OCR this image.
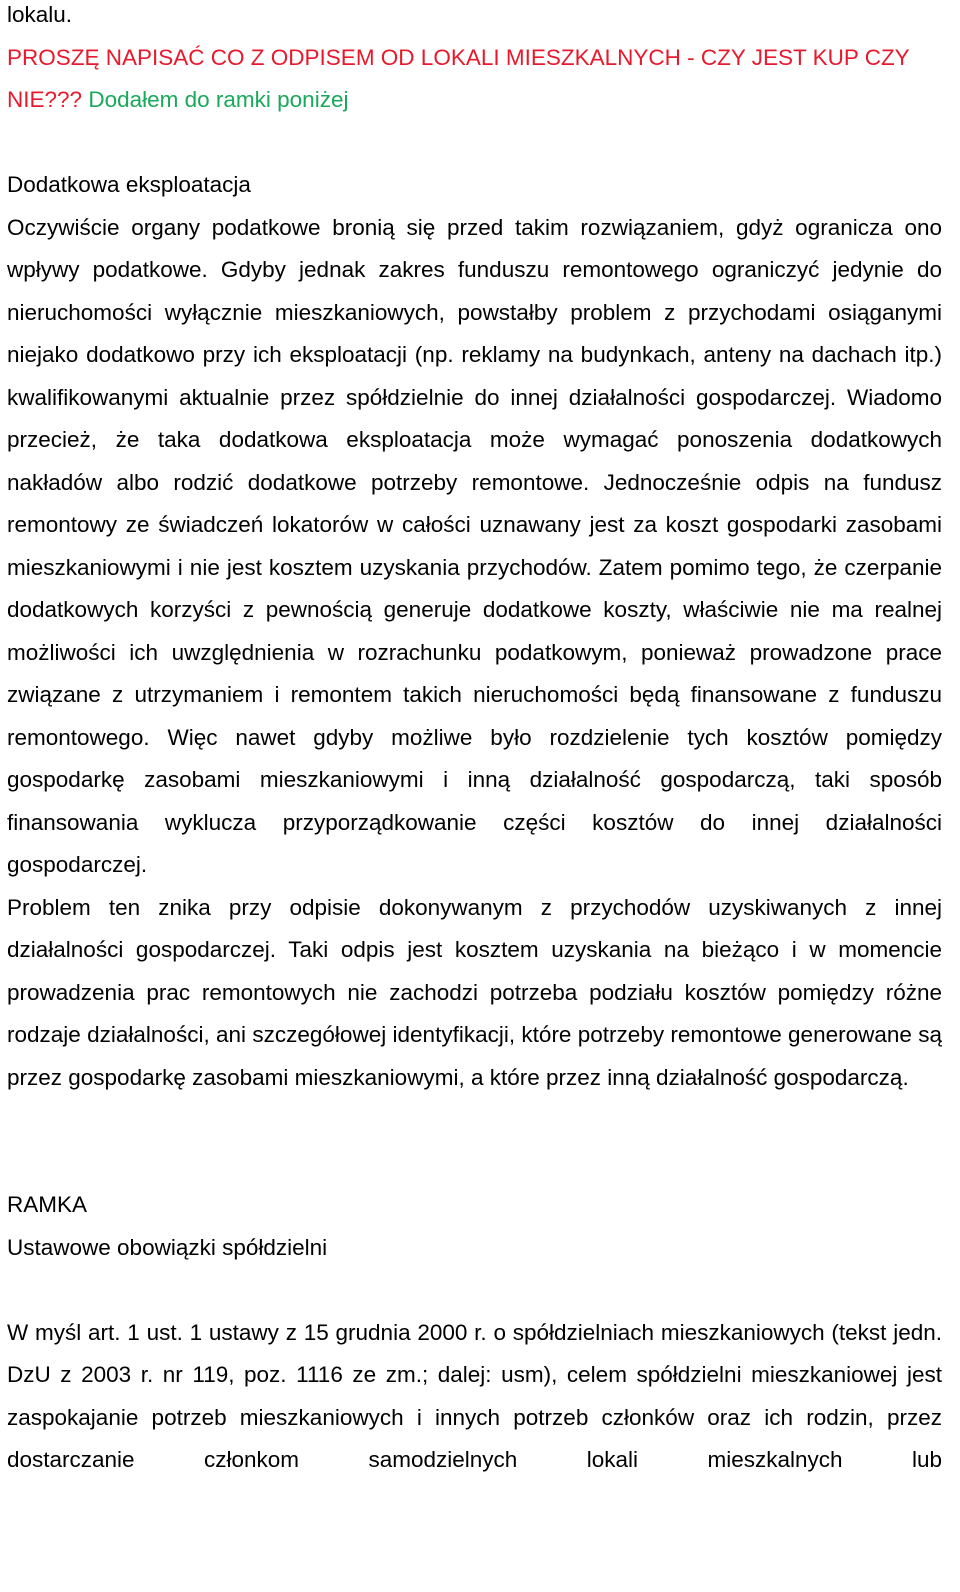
lokalu.

PROSZĘ NAPISAĆ CO Z ODPISEM OD LOKALI MIESZKALNYCH - CZY JEST KUP CZY NIE??? Dodałem do ramki poniżej

Dodatkowa eksploatacja

Oczywiście organy podatkowe bronią się przed takim rozwiązaniem, gdyż ogranicza ono wpływy podatkowe. Gdyby jednak zakres funduszu remontowego ograniczyć jedynie do nieruchomości wyłącznie mieszkaniowych, powstałby problem z przychodami osiąganymi niejako dodatkowo przy ich eksploatacji (np. reklamy na budynkach, anteny na dachach itp.) kwalifikowanymi aktualnie przez spółdzielnie do innej działalności gospodarczej. Wiadomo przecież, że taka dodatkowa eksploatacja może wymagać ponoszenia dodatkowych nakładów albo rodzić dodatkowe potrzeby remontowe. Jednocześnie odpis na fundusz remontowy ze świadczeń lokatorów w całości uznawany jest za koszt gospodarki zasobami mieszkaniowymi i nie jest kosztem uzyskania przychodów. Zatem pomimo tego, że czerpanie dodatkowych korzyści z pewnością generuje dodatkowe koszty, właściwie nie ma realnej możliwości ich uwzględnienia w rozrachunku podatkowym, ponieważ prowadzone prace związane z utrzymaniem i remontem takich nieruchomości będą finansowane z funduszu remontowego. Więc nawet gdyby możliwe było rozdzielenie tych kosztów pomiędzy gospodarkę zasobami mieszkaniowymi i inną działalność gospodarczą, taki sposób finansowania wyklucza przyporządkowanie części kosztów do innej działalności gospodarczej.

Problem ten znika przy odpisie dokonywanym z przychodów uzyskiwanych z innej działalności gospodarczej. Taki odpis jest kosztem uzyskania na bieżąco i w momencie prowadzenia prac remontowych nie zachodzi potrzeba podziału kosztów pomiędzy różne rodzaje działalności, ani szczegółowej identyfikacji, które potrzeby remontowe generowane są przez gospodarkę zasobami mieszkaniowymi, a które przez inną działalność gospodarczą.

RAMKA

Ustawowe obowiązki spółdzielni

W myśl art. 1 ust. 1 ustawy z 15 grudnia 2000 r. o spółdzielniach mieszkaniowych (tekst jedn. DzU z 2003 r. nr 119, poz. 1116 ze zm.; dalej: usm), celem spółdzielni mieszkaniowej jest zaspokajanie potrzeb mieszkaniowych i innych potrzeb członków oraz ich rodzin, przez dostarczanie członkom samodzielnych lokali mieszkalnych lub
